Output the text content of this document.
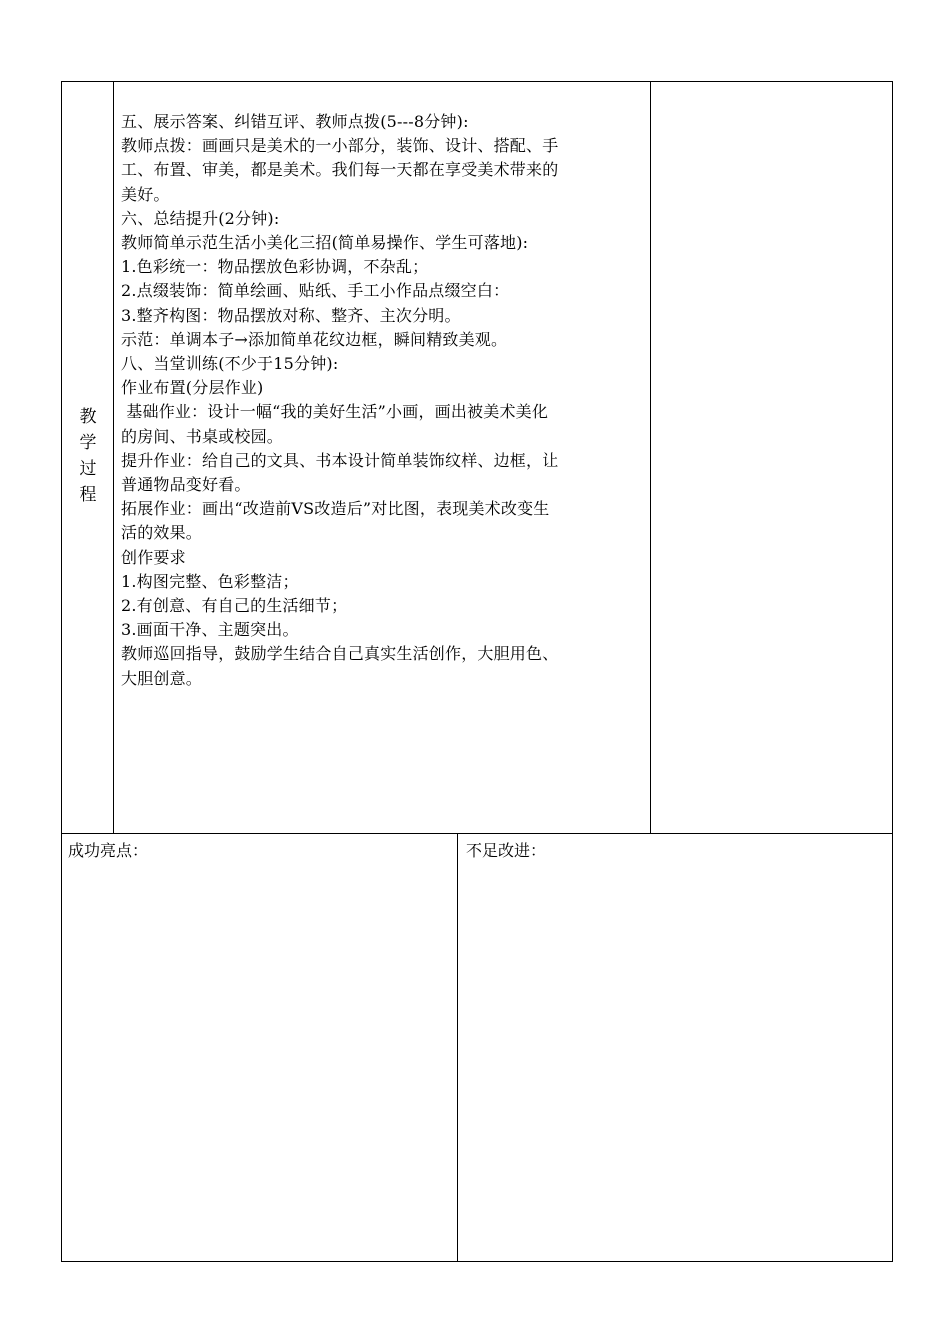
教
学
过
程

五、展示答案、纠错互评、教师点拨(5---8分钟):

教师点拨：画画只是美术的一小部分，装饰、设计、搭配、手

工、布置、审美，都是美术。我们每一天都在享受美术带来的

美好。

六、总结提升(2分钟):

教师简单示范生活小美化三招(简单易操作、学生可落地):

1.色彩统一：物品摆放色彩协调，不杂乱；

2.点缀装饰：简单绘画、贴纸、手工小作品点缀空白：

3.整齐构图：物品摆放对称、整齐、主次分明。

示范：单调本子→添加简单花纹边框，瞬间精致美观。

八、当堂训练(不少于15分钟):

作业布置(分层作业)

基础作业：设计一幅“我的美好生活”小画，画出被美术美化

的房间、书桌或校园。

提升作业：给自己的文具、书本设计简单装饰纹样、边框，让

普通物品变好看。

拓展作业：画出“改造前VS改造后”对比图，表现美术改变生

活的效果。

创作要求

1.构图完整、色彩整洁；

2.有创意、有自己的生活细节；

3.画面干净、主题突出。

教师巡回指导，鼓励学生结合自己真实生活创作，大胆用色、

大胆创意。

成功亮点：	不足改进：
